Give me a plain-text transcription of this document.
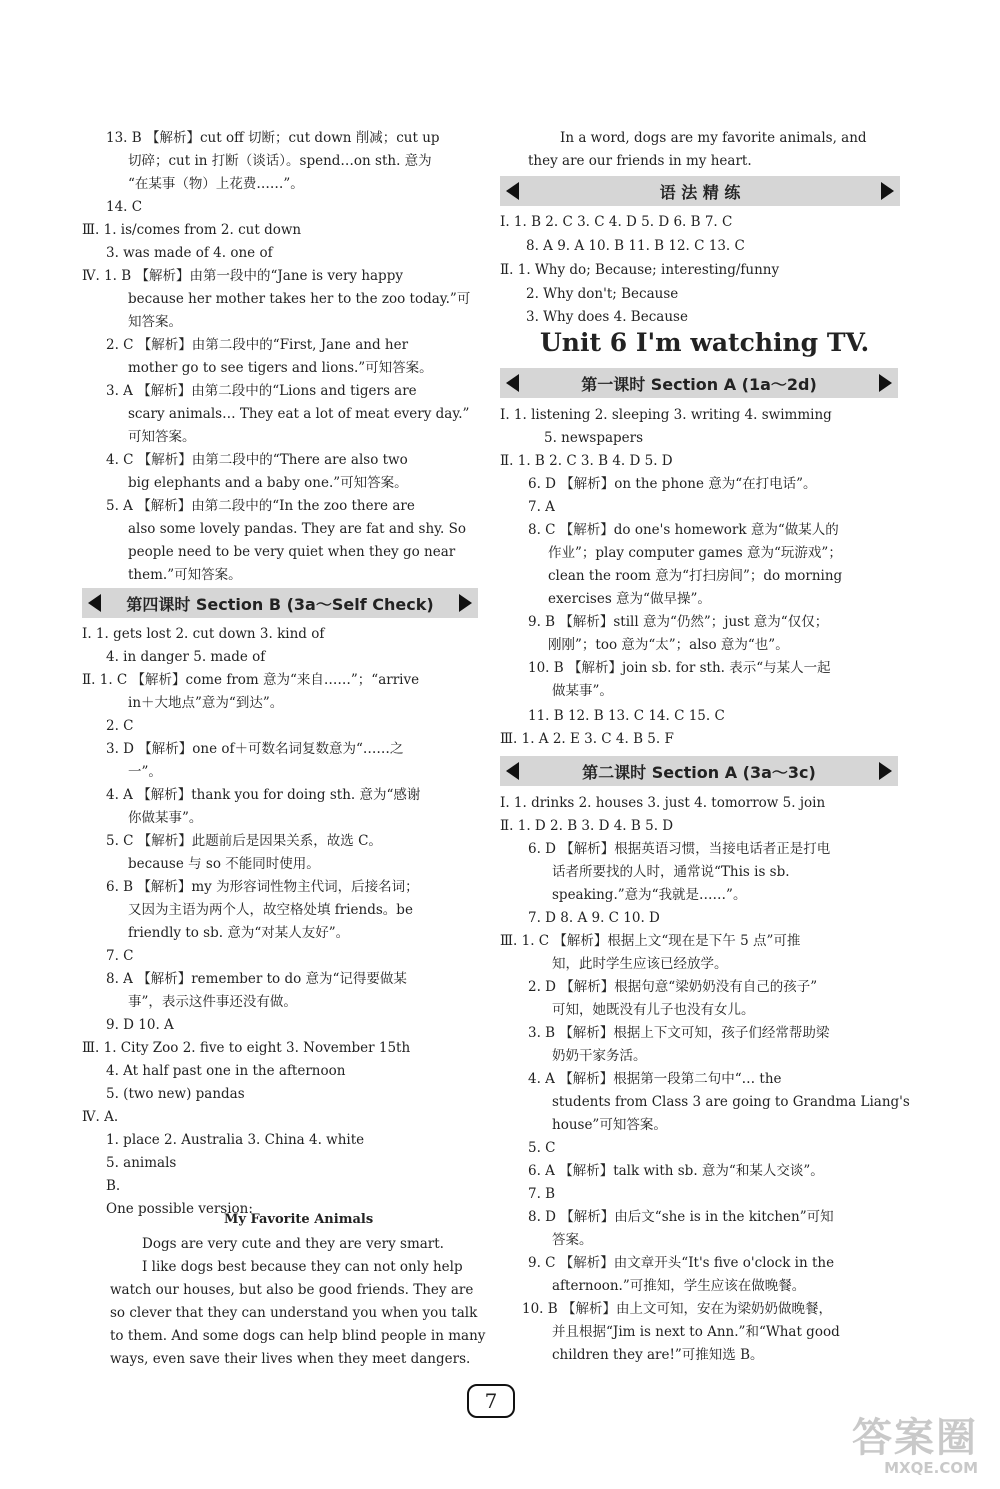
13. B 【解析】cut off 切断；cut down 削减；cut up
切碎；cut in 打断（谈话）。spend…on sth. 意为
“在某事（物）上花费……”。
14. C
Ⅲ. 1. is/comes from 2. cut down
3. was made of 4. one of
Ⅳ. 1. B 【解析】由第一段中的“Jane is very happy
because her mother takes her to the zoo today.”可
知答案。
2. C 【解析】由第二段中的“First, Jane and her
mother go to see tigers and lions.”可知答案。
3. A 【解析】由第二段中的“Lions and tigers are
scary animals… They eat a lot of meat every day.”
可知答案。
4. C 【解析】由第二段中的“There are also two
big elephants and a baby one.”可知答案。
5. A 【解析】由第二段中的“In the zoo there are
also some lovely pandas. They are fat and shy. So
people need to be very quiet when they go near
them.”可知答案。
第四课时 Section B (3a～Self Check)
Ⅰ. 1. gets lost 2. cut down 3. kind of
4. in danger 5. made of
Ⅱ. 1. C 【解析】come from 意为“来自……”；“arrive
in＋大地点”意为“到达”。
2. C
3. D 【解析】one of＋可数名词复数意为“……之
一”。
4. A 【解析】thank you for doing sth. 意为“感谢
你做某事”。
5. C 【解析】此题前后是因果关系，故选 C。
because 与 so 不能同时使用。
6. B 【解析】my 为形容词性物主代词，后接名词；
又因为主语为两个人，故空格处填 friends。be
friendly to sb. 意为“对某人友好”。
7. C
8. A 【解析】remember to do 意为“记得要做某
事”，表示这件事还没有做。
9. D 10. A
Ⅲ. 1. City Zoo 2. five to eight 3. November 15th
4. At half past one in the afternoon
5. (two new) pandas
Ⅳ. A.
1. place 2. Australia 3. China 4. white
5. animals
B.
One possible version:
My Favorite Animals
Dogs are very cute and they are very smart.
I like dogs best because they can not only help
watch our houses, but also be good friends. They are
so clever that they can understand you when you talk
to them. And some dogs can help blind people in many
ways, even save their lives when they meet dangers.
In a word, dogs are my favorite animals, and
they are our friends in my heart.
语 法 精 练
Ⅰ. 1. B 2. C 3. C 4. D 5. D 6. B 7. C
8. A 9. A 10. B 11. B 12. C 13. C
Ⅱ. 1. Why do; Because; interesting/funny
2. Why don't; Because
3. Why does 4. Because
Unit 6 I'm watching TV.
第一课时 Section A (1a～2d)
Ⅰ. 1. listening 2. sleeping 3. writing 4. swimming
5. newspapers
Ⅱ. 1. B 2. C 3. B 4. D 5. D
6. D 【解析】on the phone 意为“在打电话”。
7. A
8. C 【解析】do one's homework 意为“做某人的
作业”；play computer games 意为“玩游戏”；
clean the room 意为“打扫房间”；do morning
exercises 意为“做早操”。
9. B 【解析】still 意为“仍然”；just 意为“仅仅；
刚刚”；too 意为“太”；also 意为“也”。
10. B 【解析】join sb. for sth. 表示“与某人一起
做某事”。
11. B 12. B 13. C 14. C 15. C
Ⅲ. 1. A 2. E 3. C 4. B 5. F
第二课时 Section A (3a～3c)
Ⅰ. 1. drinks 2. houses 3. just 4. tomorrow 5. join
Ⅱ. 1. D 2. B 3. D 4. B 5. D
6. D 【解析】根据英语习惯，当接电话者正是打电
话者所要找的人时，通常说“This is sb.
speaking.”意为“我就是……”。
7. D 8. A 9. C 10. D
Ⅲ. 1. C 【解析】根据上文“现在是下午 5 点”可推
知，此时学生应该已经放学。
2. D 【解析】根据句意“梁奶奶没有自己的孩子”
可知，她既没有儿子也没有女儿。
3. B 【解析】根据上下文可知，孩子们经常帮助梁
奶奶干家务活。
4. A 【解析】根据第一段第二句中“… the
students from Class 3 are going to Grandma Liang's
house”可知答案。
5. C
6. A 【解析】talk with sb. 意为“和某人交谈”。
7. B
8. D 【解析】由后文“she is in the kitchen”可知
答案。
9. C 【解析】由文章开头“It's five o'clock in the
afternoon.”可推知，学生应该在做晚餐。
10. B 【解析】由上文可知，安在为梁奶奶做晚餐，
并且根据“Jim is next to Ann.”和“What good
children they are!”可推知选 B。
7
答案圈
MXQE.COM
